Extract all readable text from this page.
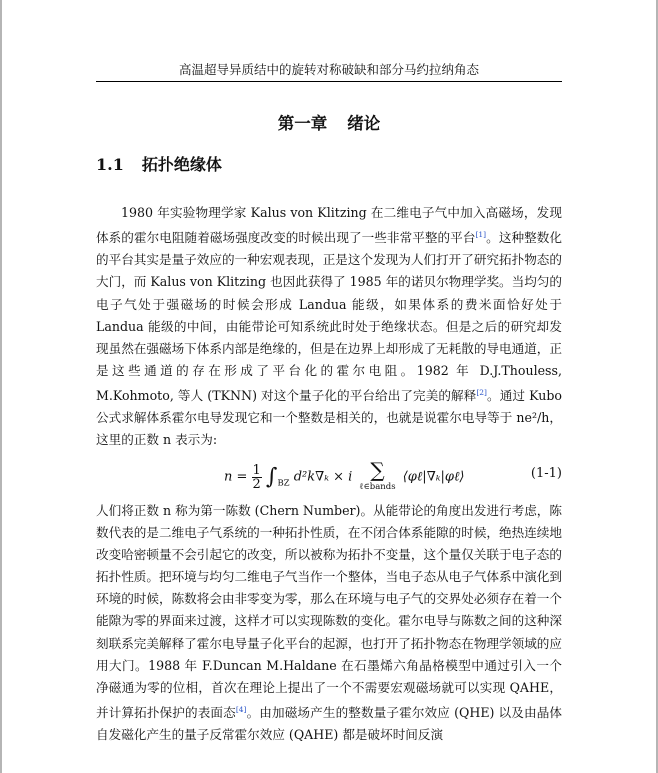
高温超导异质结中的旋转对称破缺和部分马约拉纳角态
第一章 绪论
1.1 拓扑绝缘体
1980 年实验物理学家 Kalus von Klitzing 在二维电子气中加入高磁场，发现体系的霍尔电阻随着磁场强度改变的时候出现了一些非常平整的平台[1]。这种整数化的平台其实是量子效应的一种宏观表现，正是这个发现为人们打开了研究拓扑物态的大门，而 Kalus von Klitzing 也因此获得了 1985 年的诺贝尔物理学奖。当均匀的电子气处于强磁场的时候会形成 Landua 能级，如果体系的费米面恰好处于 Landua 能级的中间，由能带论可知系统此时处于绝缘状态。但是之后的研究却发现虽然在强磁场下体系内部是绝缘的，但是在边界上却形成了无耗散的导电通道，正是这些通道的存在形成了平台化的霍尔电阻。1982 年 D.J.Thouless, M.Kohmoto, 等人 (TKNN) 对这个量子化的平台给出了完美的解释[2]。通过 Kubo 公式求解体系霍尔电导发现它和一个整数是相关的，也就是说霍尔电导等于 ne²/h，这里的正数 n 表示为:
$n = \frac{1}{2} \int_{BZ}$ d²k∇ₖ × i ∑
ℓ∈bands
⟨φℓ|∇ₖ|φℓ⟩	(1-1)
人们将正数 n 称为第一陈数 (Chern Number)。从能带论的角度出发进行考虑，陈数代表的是二维电子气系统的一种拓扑性质，在不闭合体系能隙的时候，绝热连续地改变哈密顿量不会引起它的改变，所以被称为拓扑不变量，这个量仅关联于电子态的拓扑性质。把环境与均匀二维电子气当作一个整体，当电子态从电子气体系中演化到环境的时候，陈数将会由非零变为零，那么在环境与电子气的交界处必须存在着一个能隙为零的界面来过渡，这样才可以实现陈数的变化。霍尔电导与陈数之间的这种深刻联系完美解释了霍尔电导量子化平台的起源，也打开了拓扑物态在物理学领域的应用大门。1988 年 F.Duncan M.Haldane 在石墨烯六角晶格模型中通过引入一个净磁通为零的位相，首次在理论上提出了一个不需要宏观磁场就可以实现 QAHE，并计算拓扑保护的表面态[4]。由加磁场产生的整数量子霍尔效应 (QHE) 以及由晶体自发磁化产生的量子反常霍尔效应 (QAHE) 都是破坏时间反演
